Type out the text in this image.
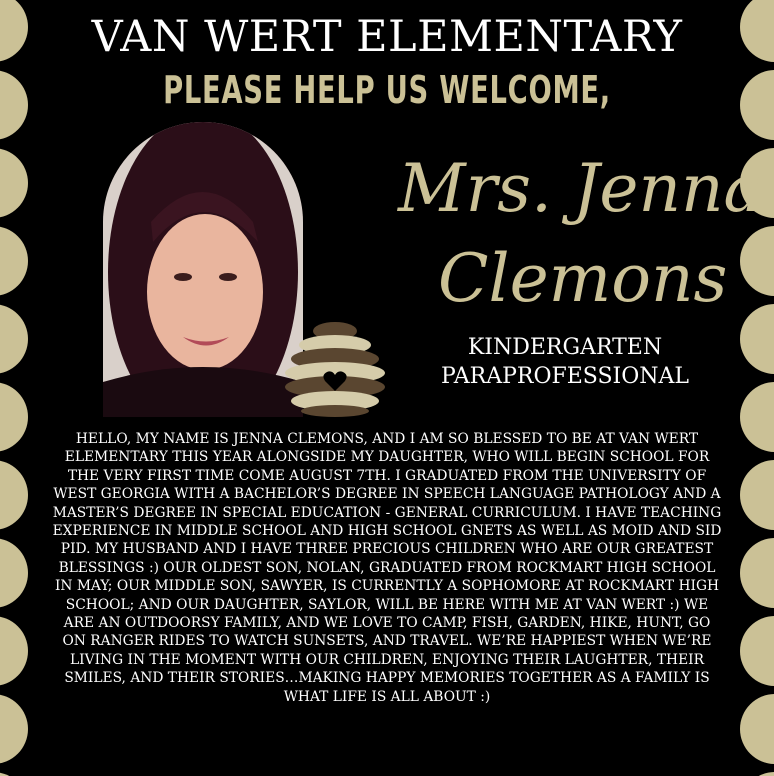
VAN WERT ELEMENTARY
PLEASE HELP US WELCOME,
Mrs. Jenna
Clemons
KINDERGARTEN
PARAPROFESSIONAL
HELLO, MY NAME IS JENNA CLEMONS, AND I AM SO BLESSED TO BE AT VAN WERT ELEMENTARY THIS YEAR ALONGSIDE MY DAUGHTER, WHO WILL BEGIN SCHOOL FOR THE VERY FIRST TIME COME AUGUST 7TH. I GRADUATED FROM THE UNIVERSITY OF WEST GEORGIA WITH A BACHELOR’S DEGREE IN SPEECH LANGUAGE PATHOLOGY AND A MASTER’S DEGREE IN SPECIAL EDUCATION - GENERAL CURRICULUM. I HAVE TEACHING EXPERIENCE IN MIDDLE SCHOOL AND HIGH SCHOOL GNETS AS WELL AS MOID AND SID PID. MY HUSBAND AND I HAVE THREE PRECIOUS CHILDREN WHO ARE OUR GREATEST BLESSINGS :) OUR OLDEST SON, NOLAN, GRADUATED FROM ROCKMART HIGH SCHOOL IN MAY; OUR MIDDLE SON, SAWYER, IS CURRENTLY A SOPHOMORE AT ROCKMART HIGH SCHOOL; AND OUR DAUGHTER, SAYLOR, WILL BE HERE WITH ME AT VAN WERT :) WE ARE AN OUTDOORSY FAMILY, AND WE LOVE TO CAMP, FISH, GARDEN, HIKE, HUNT, GO ON RANGER RIDES TO WATCH SUNSETS, AND TRAVEL. WE’RE HAPPIEST WHEN WE’RE LIVING IN THE MOMENT WITH OUR CHILDREN, ENJOYING THEIR LAUGHTER, THEIR SMILES, AND THEIR STORIES…MAKING HAPPY MEMORIES TOGETHER AS A FAMILY IS WHAT LIFE IS ALL ABOUT :)
